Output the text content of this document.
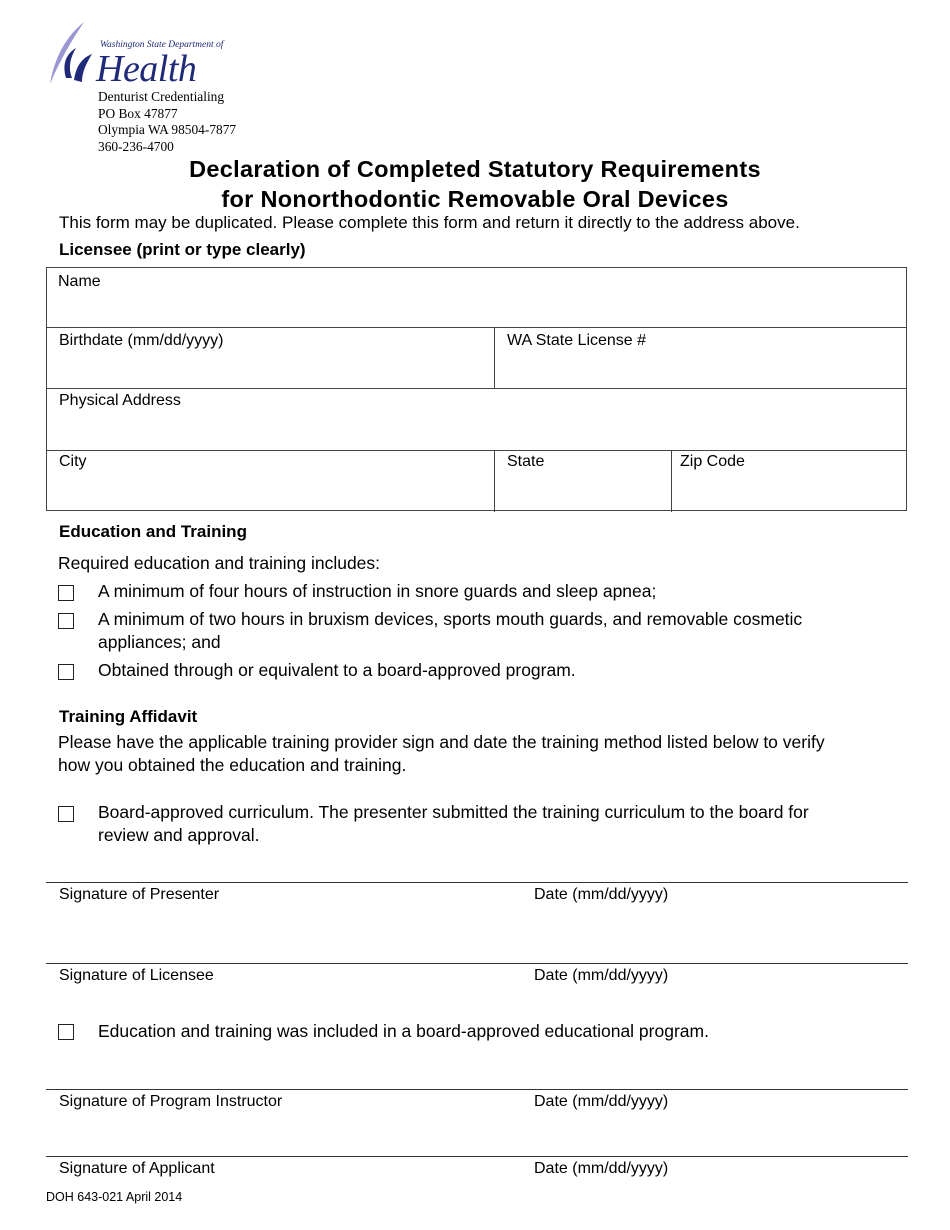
Washington State Department of
Health
Denturist Credentialing
PO Box 47877
Olympia WA 98504-7877
360-236-4700
Declaration of Completed Statutory Requirements
for Nonorthodontic Removable Oral Devices
This form may be duplicated. Please complete this form and return it directly to the address above.
Licensee (print or type clearly)
Name
Birthdate (mm/dd/yyyy)	WA State License #
Physical Address
City	State	Zip Code
Education and Training
Required education and training includes:
A minimum of four hours of instruction in snore guards and sleep apnea;
A minimum of two hours in bruxism devices, sports mouth guards, and removable cosmetic
appliances; and
Obtained through or equivalent to a board-approved program.
Training Affidavit
Please have the applicable training provider sign and date the training method listed below to verify
how you obtained the education and training.
Board-approved curriculum. The presenter submitted the training curriculum to the board for
review and approval.
Signature of Presenter	Date (mm/dd/yyyy)
Signature of Licensee	Date (mm/dd/yyyy)
Education and training was included in a board-approved educational program.
Signature of Program Instructor	Date (mm/dd/yyyy)
Signature of Applicant	Date (mm/dd/yyyy)
DOH 643-021 April 2014
